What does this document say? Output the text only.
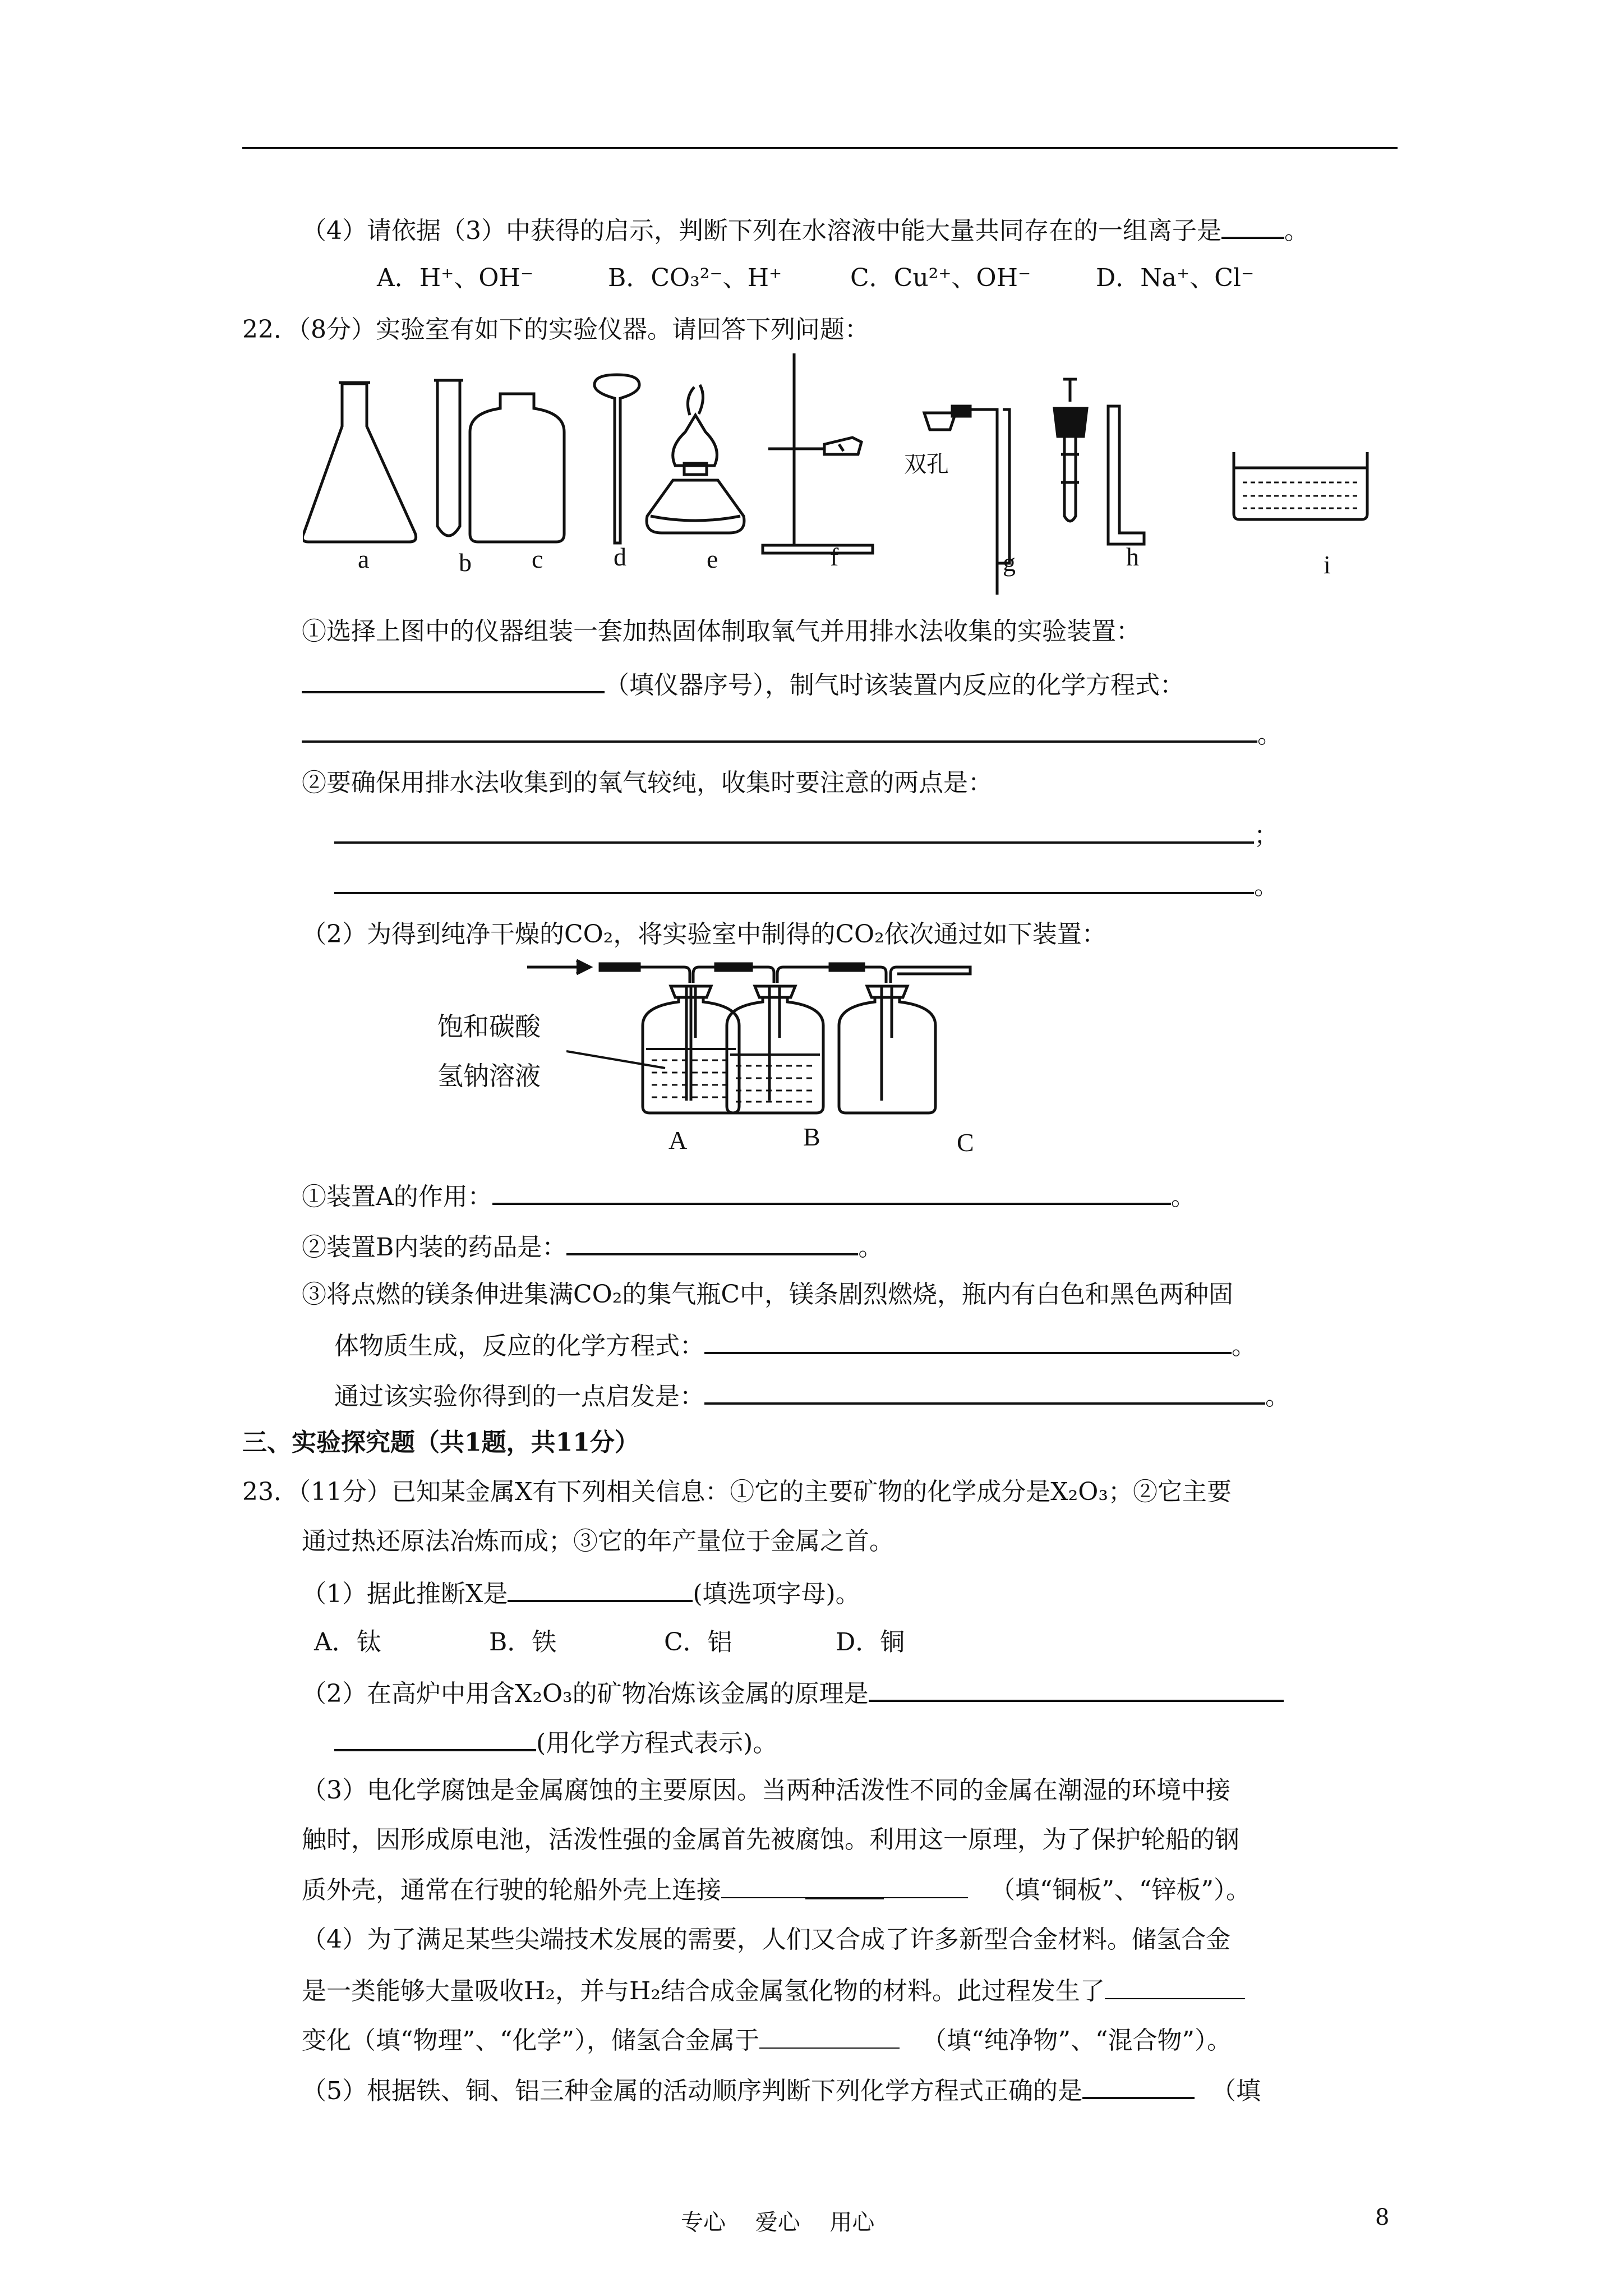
（4）请依据（3）中获得的启示，判断下列在水溶液中能大量共同存在的一组离子是	。
A．H⁺、OH⁻	B．CO₃²⁻、H⁺	C．Cu²⁺、OH⁻	D．Na⁺、Cl⁻
22．（8分）实验室有如下的实验仪器。请回答下列问题：
双孔
a	b c	d	e	f	g	h	i
①选择上图中的仪器组装一套加热固体制取氧气并用排水法收集的实验装置：
（填仪器序号），制气时该装置内反应的化学方程式：
。
②要确保用排水法收集到的氧气较纯，收集时要注意的两点是：
；
。
（2）为得到纯净干燥的CO₂，将实验室中制得的CO₂依次通过如下装置：
饱和碳酸
氢钠溶液
A	B	C
①装置A的作用：	。
②装置B内装的药品是：	。
③将点燃的镁条伸进集满CO₂的集气瓶C中，镁条剧烈燃烧，瓶内有白色和黑色两种固
体物质生成，反应的化学方程式：	。
通过该实验你得到的一点启发是：	。
三、实验探究题（共1题，共11分）
23．（11分）已知某金属X有下列相关信息：①它的主要矿物的化学成分是X₂O₃；②它主要
通过热还原法冶炼而成；③它的年产量位于金属之首。
（1）据此推断X是	(填选项字母)。
A．钛	B．铁	C．铝	D．铜
（2）在高炉中用含X₂O₃的矿物冶炼该金属的原理是
(用化学方程式表示)。
（3）电化学腐蚀是金属腐蚀的主要原因。当两种活泼性不同的金属在潮湿的环境中接
触时，因形成原电池，活泼性强的金属首先被腐蚀。利用这一原理，为了保护轮船的钢
质外壳，通常在行驶的轮船外壳上连接	（填“铜板”、“锌板”）。
（4）为了满足某些尖端技术发展的需要，人们又合成了许多新型合金材料。储氢合金
是一类能够大量吸收H₂，并与H₂结合成金属氢化物的材料。此过程发生了
变化（填“物理”、“化学”），储氢合金属于	（填“纯净物”、“混合物”）。
（5）根据铁、铜、铝三种金属的活动顺序判断下列化学方程式正确的是	（填
专心　 爱心　 用心	8
